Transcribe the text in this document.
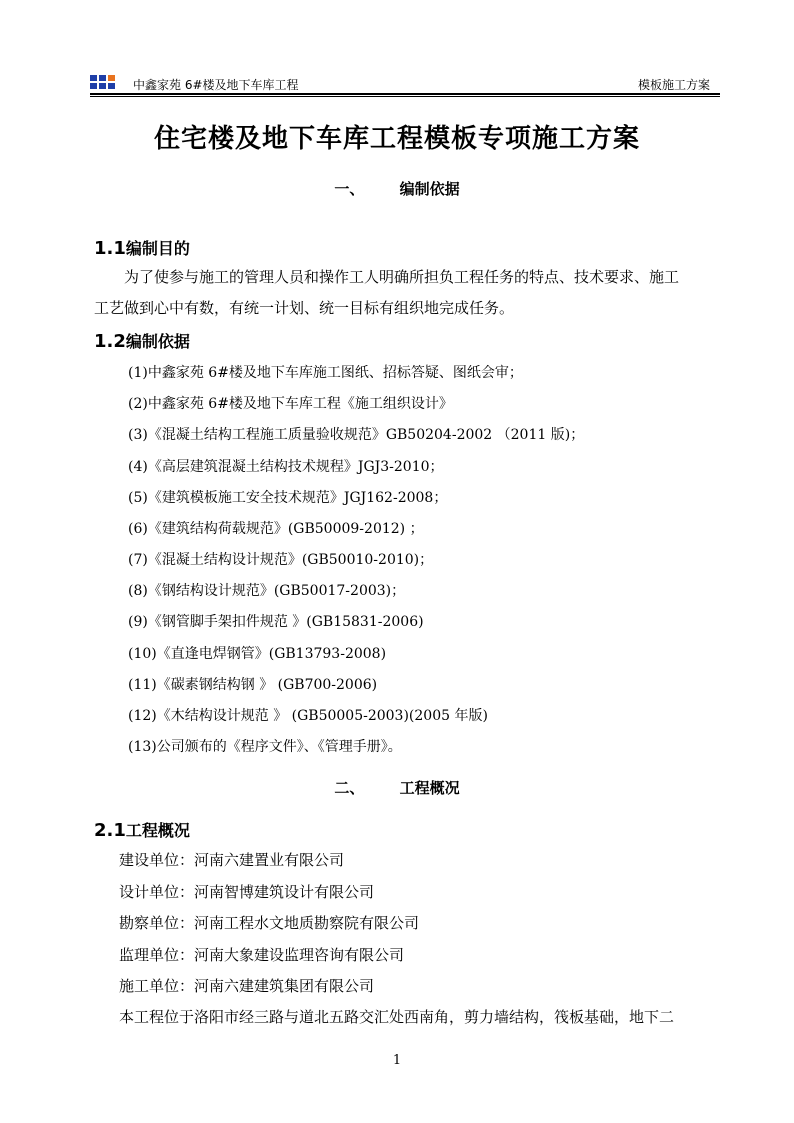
中鑫家苑 6#楼及地下车库工程	模板施工方案
住宅楼及地下车库工程模板专项施工方案
一、 编制依据
1.1编制目的
为了使参与施工的管理人员和操作工人明确所担负工程任务的特点、技术要求、施工
工艺做到心中有数，有统一计划、统一目标有组织地完成任务。
1.2编制依据
(1)中鑫家苑 6#楼及地下车库施工图纸、招标答疑、图纸会审；
(2)中鑫家苑 6#楼及地下车库工程《施工组织设计》
(3)《混凝土结构工程施工质量验收规范》GB50204-2002 （2011 版)；
(4)《高层建筑混凝土结构技术规程》JGJ3-2010；
(5)《建筑模板施工安全技术规范》JGJ162-2008；
(6)《建筑结构荷载规范》(GB50009-2012) ；
(7)《混凝土结构设计规范》(GB50010-2010)；
(8)《钢结构设计规范》(GB50017-2003)；
(9)《钢管脚手架扣件规范 》(GB15831-2006)
(10)《直逢电焊钢管》(GB13793-2008)
(11)《碳素钢结构钢 》 (GB700-2006)
(12)《木结构设计规范 》 (GB50005-2003)(2005 年版)
(13)公司颁布的《程序文件》、《管理手册》。
二、 工程概况
2.1工程概况
建设单位：河南六建置业有限公司
设计单位：河南智博建筑设计有限公司
勘察单位：河南工程水文地质勘察院有限公司
监理单位：河南大象建设监理咨询有限公司
施工单位：河南六建建筑集团有限公司
本工程位于洛阳市经三路与道北五路交汇处西南角，剪力墙结构，筏板基础，地下二
1
